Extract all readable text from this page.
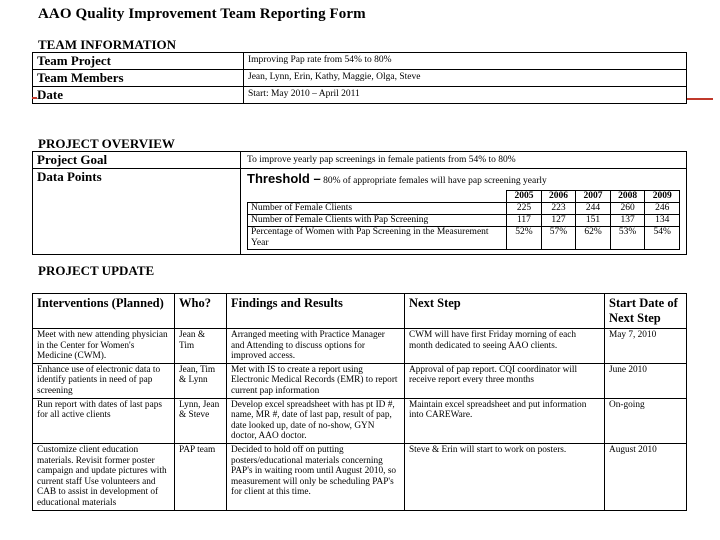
AAO Quality Improvement Team Reporting Form
TEAM INFORMATION
Team Project	Improving Pap rate from 54% to 80%
Team Members	Jean, Lynn, Erin, Kathy, Maggie, Olga, Steve
Date	Start: May 2010 – April 2011
PROJECT OVERVIEW
Project Goal	To improve yearly pap screenings in female patients from 54% to 80%
Data Points	Threshold – 80% of appropriate females will have pap screening yearly
	2005	2006	2007	2008	2009
Number of Female Clients	225	223	244	260	246
Number of Female Clients with Pap Screening	117	127	151	137	134
Percentage of Women with Pap Screening in the Measurement Year	52%	57%	62%	53%	54%
PROJECT UPDATE
Interventions (Planned)	Who?	Findings and Results	Next Step	Start Date of Next Step
Meet with new attending physician in the Center for Women's Medicine (CWM).	Jean & Tim	Arranged meeting with Practice Manager and Attending to discuss options for improved access.	CWM will have first Friday morning of each month dedicated to seeing AAO clients.	May 7, 2010
Enhance use of electronic data to identify patients in need of pap screening	Jean, Tim & Lynn	Met with IS to create a report using Electronic Medical Records (EMR) to report current pap information	Approval of pap report. CQI coordinator will receive report every three months	June 2010
Run report with dates of last paps for all active clients	Lynn, Jean & Steve	Develop excel spreadsheet with has pt ID #, name, MR #, date of last pap, result of pap, date looked up, date of no-show, GYN doctor, AAO doctor.	Maintain excel spreadsheet and put information into CAREWare.	On-going
Customize client education materials. Revisit former poster campaign and update pictures with current staff Use volunteers and CAB to assist in development of educational materials	PAP team	Decided to hold off on putting posters/educational materials concerning PAP's in waiting room until August 2010, so measurement will only be scheduling PAP's for client at this time.	Steve & Erin will start to work on posters.	August 2010
